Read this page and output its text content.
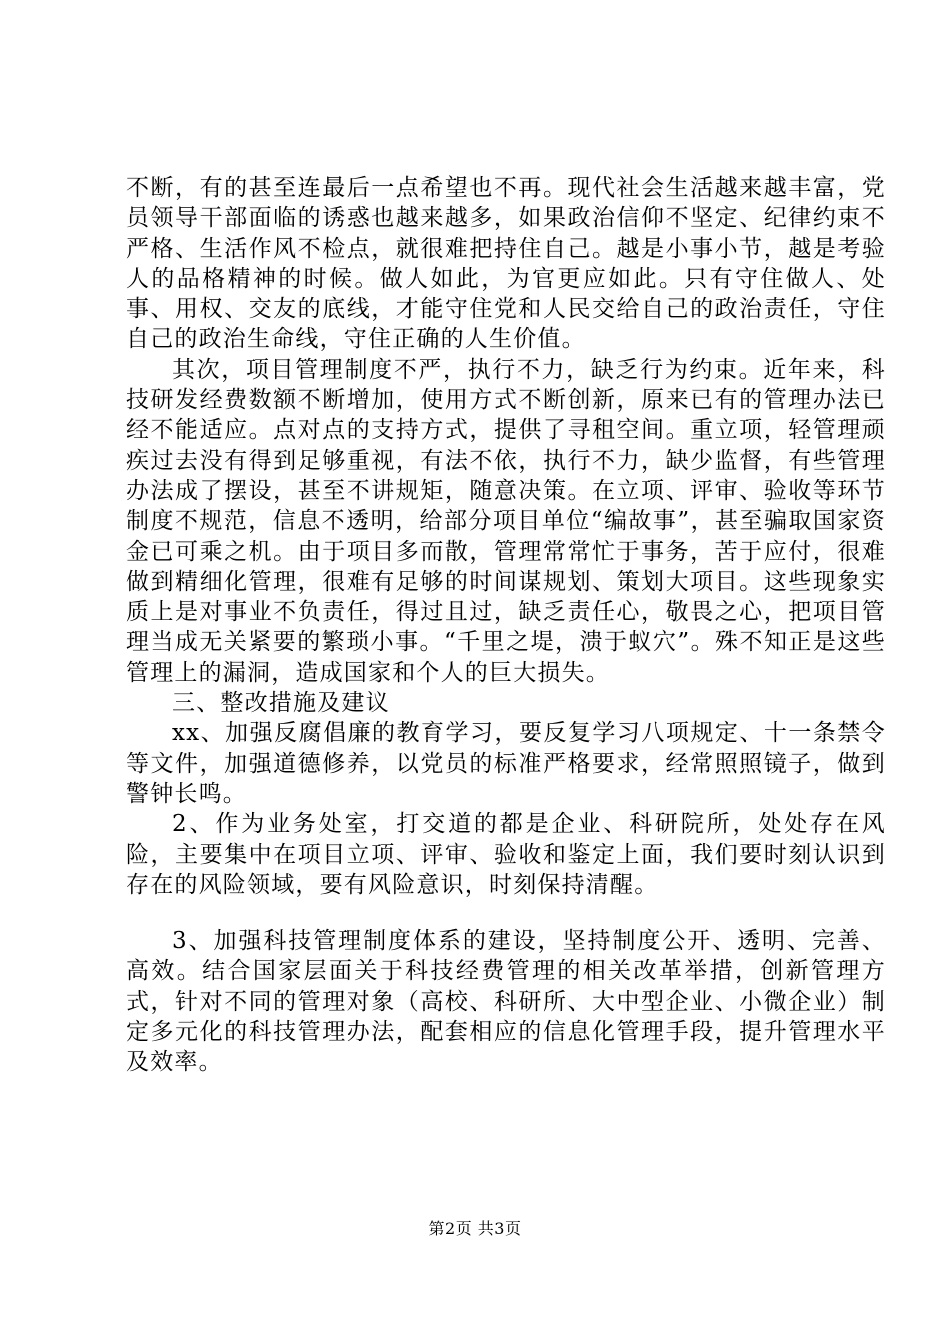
不断，有的甚至连最后一点希望也不再。现代社会生活越来越丰富，党员领导干部面临的诱惑也越来越多，如果政治信仰不坚定、纪律约束不严格、生活作风不检点，就很难把持住自己。越是小事小节，越是考验人的品格精神的时候。做人如此，为官更应如此。只有守住做人、处事、用权、交友的底线，才能守住党和人民交给自己的政治责任，守住自己的政治生命线，守住正确的人生价值。

其次，项目管理制度不严，执行不力，缺乏行为约束。近年来，科技研发经费数额不断增加，使用方式不断创新，原来已有的管理办法已经不能适应。点对点的支持方式，提供了寻租空间。重立项，轻管理顽疾过去没有得到足够重视，有法不依，执行不力，缺少监督，有些管理办法成了摆设，甚至不讲规矩，随意决策。在立项、评审、验收等环节制度不规范，信息不透明，给部分项目单位“编故事”，甚至骗取国家资金已可乘之机。由于项目多而散，管理常常忙于事务，苦于应付，很难做到精细化管理，很难有足够的时间谋规划、策划大项目。这些现象实质上是对事业不负责任，得过且过，缺乏责任心，敬畏之心，把项目管理当成无关紧要的繁琐小事。“千里之堤，溃于蚁穴”。殊不知正是这些管理上的漏洞，造成国家和个人的巨大损失。

三、整改措施及建议

xx、加强反腐倡廉的教育学习，要反复学习八项规定、十一条禁令等文件，加强道德修养，以党员的标准严格要求，经常照照镜子，做到警钟长鸣。

2、作为业务处室，打交道的都是企业、科研院所，处处存在风险，主要集中在项目立项、评审、验收和鉴定上面，我们要时刻认识到存在的风险领域，要有风险意识，时刻保持清醒。

3、加强科技管理制度体系的建设，坚持制度公开、透明、完善、高效。结合国家层面关于科技经费管理的相关改革举措，创新管理方式，针对不同的管理对象（高校、科研所、大中型企业、小微企业）制定多元化的科技管理办法，配套相应的信息化管理手段，提升管理水平及效率。

第2页 共3页
